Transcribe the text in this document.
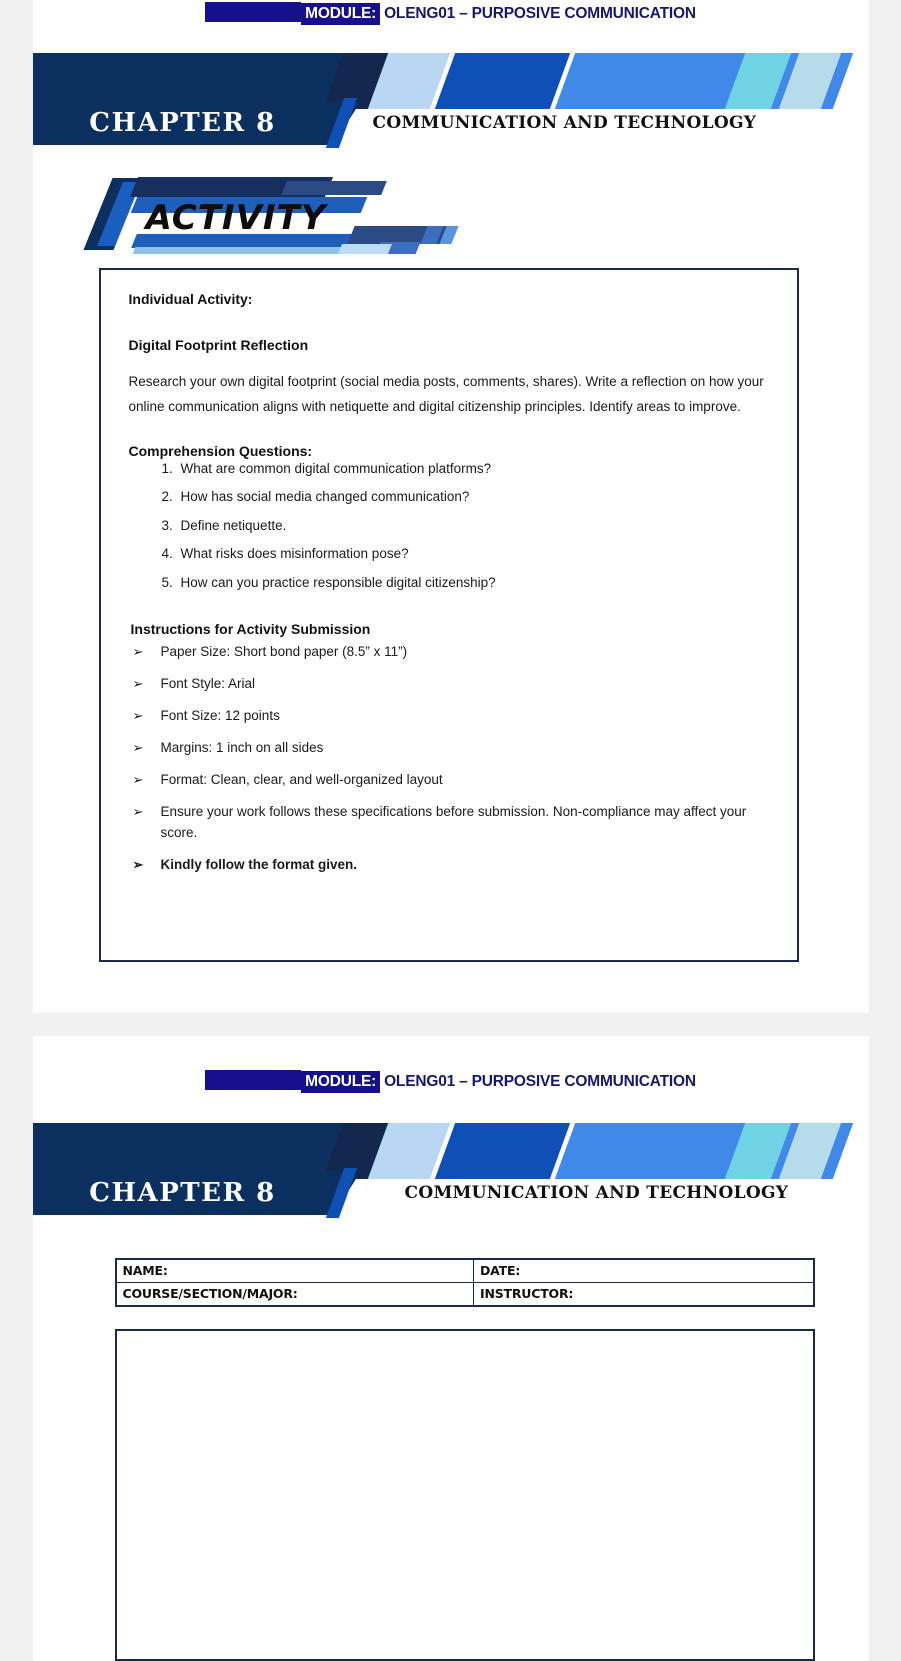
MODULE: OLENG01 – PURPOSIVE COMMUNICATION
CHAPTER 8	COMMUNICATION AND TECHNOLOGY
ACTIVITY
Individual Activity:
Digital Footprint Reflection
Research your own digital footprint (social media posts, comments, shares). Write a reflection on how your online communication aligns with netiquette and digital citizenship principles. Identify areas to improve.
Comprehension Questions:
1. What are common digital communication platforms?
2. How has social media changed communication?
3. Define netiquette.
4. What risks does misinformation pose?
5. How can you practice responsible digital citizenship?
Instructions for Activity Submission
➢ Paper Size: Short bond paper (8.5” x 11”)
➢ Font Style: Arial
➢ Font Size: 12 points
➢ Margins: 1 inch on all sides
➢ Format: Clean, clear, and well-organized layout
➢ Ensure your work follows these specifications before submission. Non-compliance may affect your score.
➢ Kindly follow the format given.
MODULE: OLENG01 – PURPOSIVE COMMUNICATION
CHAPTER 8	COMMUNICATION AND TECHNOLOGY
NAME:	DATE:
COURSE/SECTION/MAJOR:	INSTRUCTOR:
